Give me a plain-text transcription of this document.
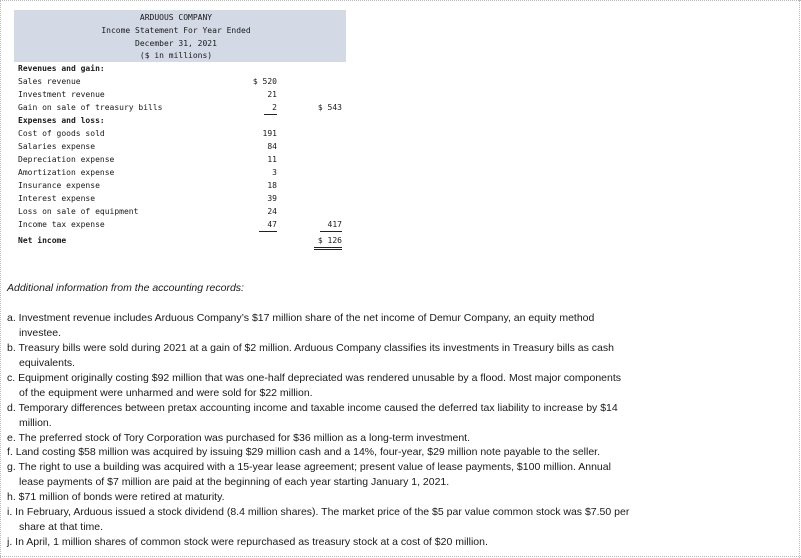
ARDUOUS COMPANY
Income Statement For Year Ended
December 31, 2021
($ in millions)
Revenues and gain:
Sales revenue	$ 520
Investment revenue	21
Gain on sale of treasury bills	2	$ 543
Expenses and loss:
Cost of goods sold	191
Salaries expense	84
Depreciation expense	11
Amortization expense	3
Insurance expense	18
Interest expense	39
Loss on sale of equipment	24
Income tax expense	47	417
Net income	$ 126
Additional information from the accounting records:
a. Investment revenue includes Arduous Company’s $17 million share of the net income of Demur Company, an equity method
investee.
b. Treasury bills were sold during 2021 at a gain of $2 million. Arduous Company classifies its investments in Treasury bills as cash
equivalents.
c. Equipment originally costing $92 million that was one-half depreciated was rendered unusable by a flood. Most major components
of the equipment were unharmed and were sold for $22 million.
d. Temporary differences between pretax accounting income and taxable income caused the deferred tax liability to increase by $14
million.
e. The preferred stock of Tory Corporation was purchased for $36 million as a long-term investment.
f. Land costing $58 million was acquired by issuing $29 million cash and a 14%, four-year, $29 million note payable to the seller.
g. The right to use a building was acquired with a 15-year lease agreement; present value of lease payments, $100 million. Annual
lease payments of $7 million are paid at the beginning of each year starting January 1, 2021.
h. $71 million of bonds were retired at maturity.
i. In February, Arduous issued a stock dividend (8.4 million shares). The market price of the $5 par value common stock was $7.50 per
share at that time.
j. In April, 1 million shares of common stock were repurchased as treasury stock at a cost of $20 million.
